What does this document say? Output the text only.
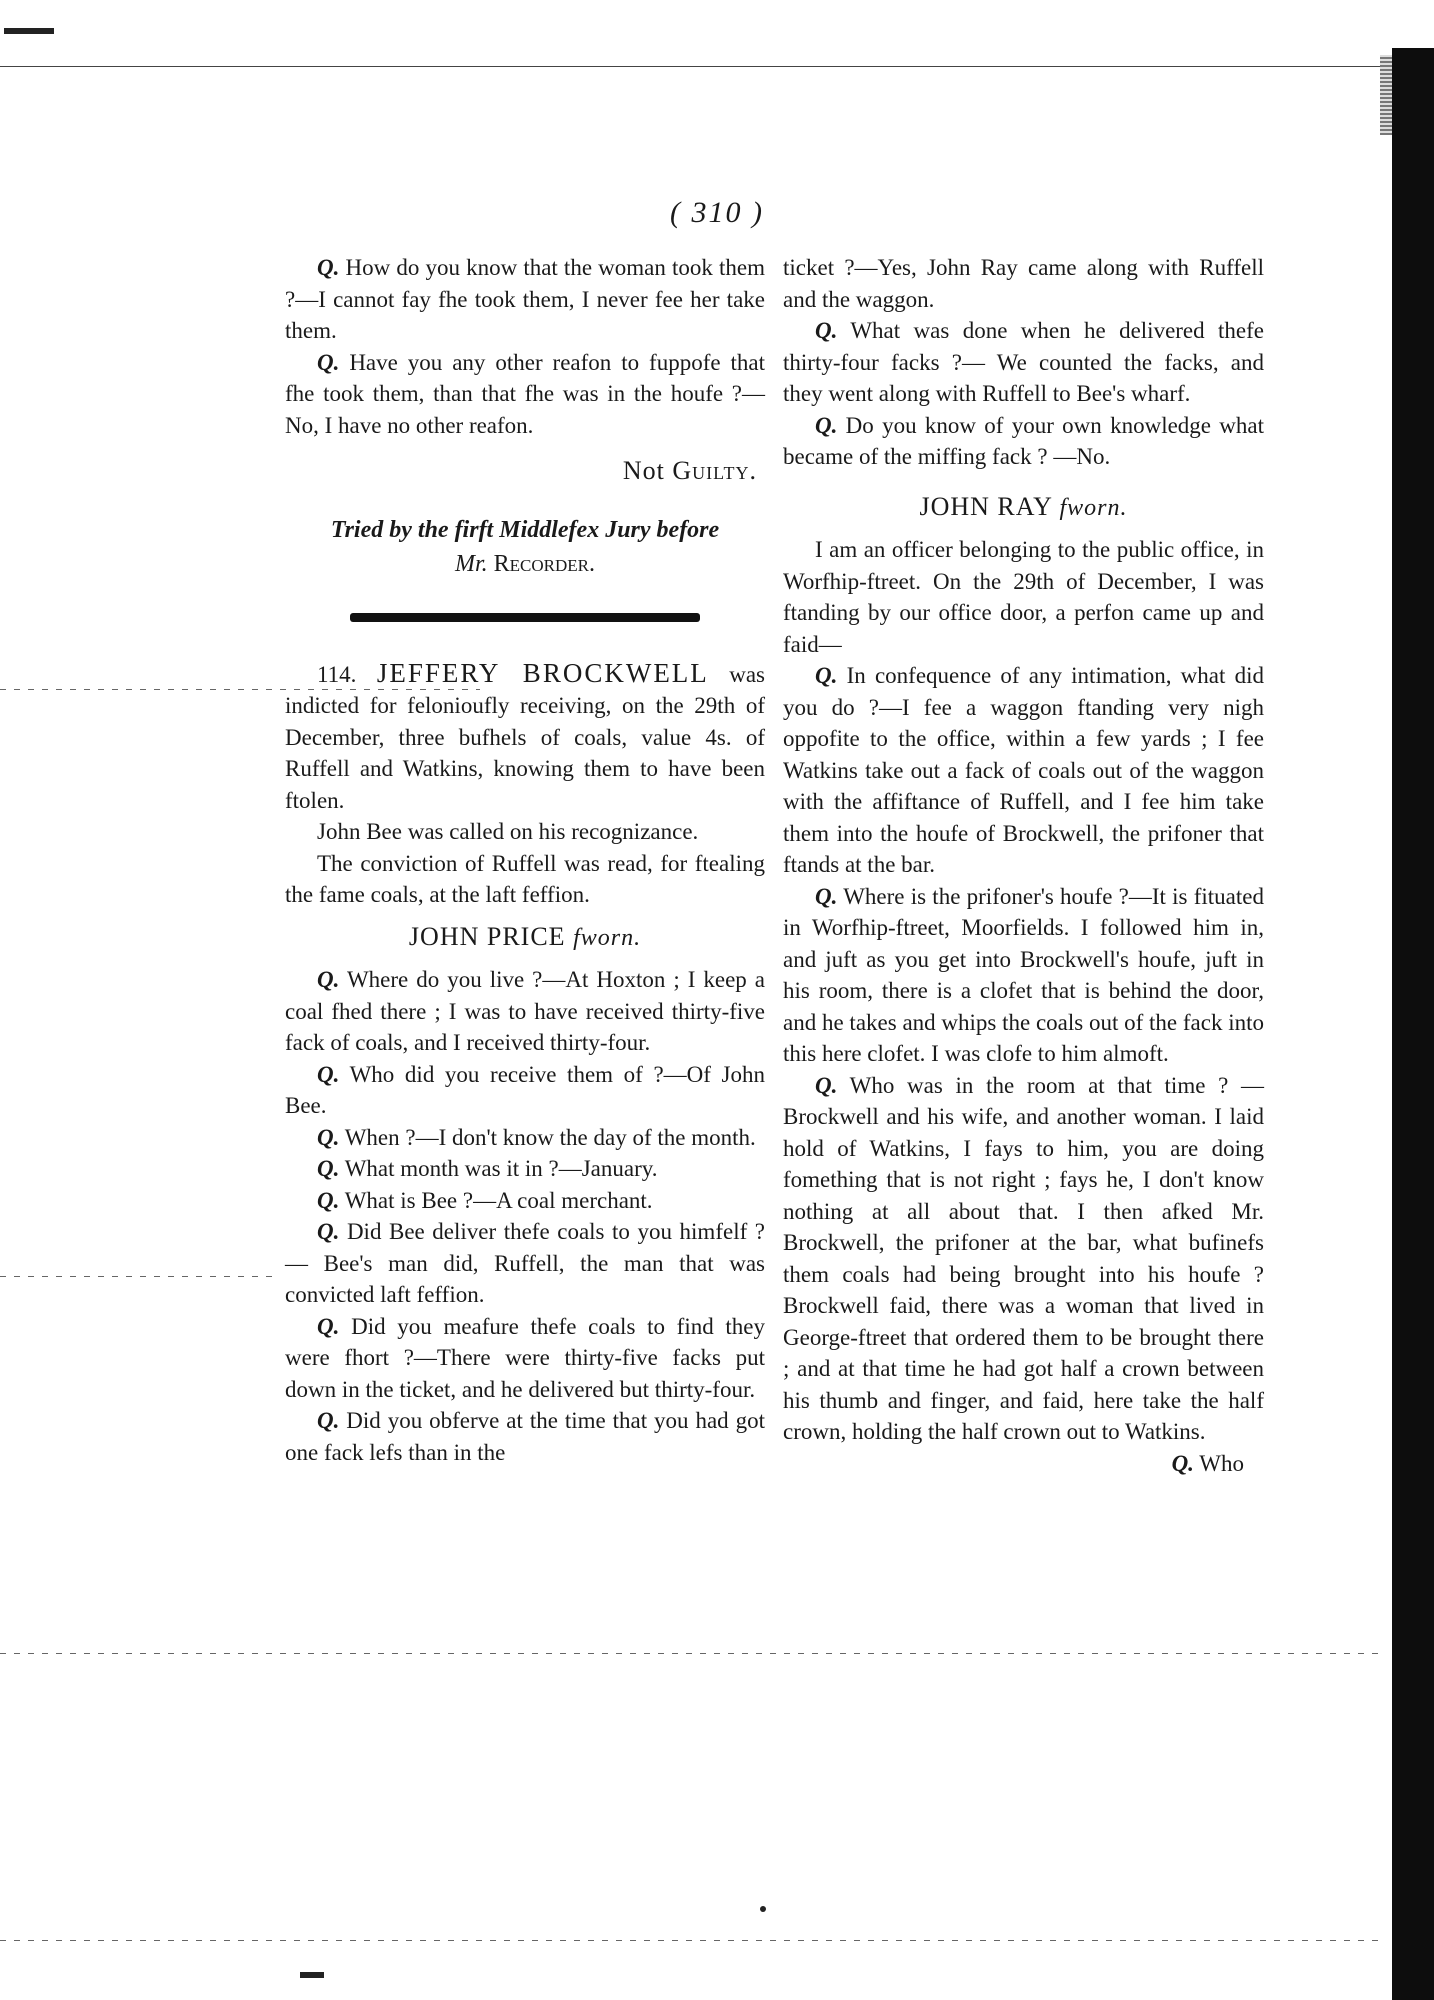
( 310 )

Q. How do you know that the woman took them ?—I cannot fay fhe took them, I never fee her take them.

Q. Have you any other reafon to fuppofe that fhe took them, than that fhe was in the houfe ?—No, I have no other reafon.

Not Guilty.
Tried by the firft Middlefex Jury before
Mr. Recorder.

114. JEFFERY BROCKWELL was indicted for felonioufly receiving, on the 29th of December, three bufhels of coals, value 4s. of Ruffell and Watkins, knowing them to have been ftolen.

John Bee was called on his recognizance.

The conviction of Ruffell was read, for ftealing the fame coals, at the laft feffion.

JOHN PRICE fworn.

Q. Where do you live ?—At Hoxton ; I keep a coal fhed there ; I was to have received thirty-five fack of coals, and I received thirty-four.

Q. Who did you receive them of ?—Of John Bee.

Q. When ?—I don't know the day of the month.

Q. What month was it in ?—January.

Q. What is Bee ?—A coal merchant.

Q. Did Bee deliver thefe coals to you himfelf ?— Bee's man did, Ruffell, the man that was convicted laft feffion.

Q. Did you meafure thefe coals to find they were fhort ?—There were thirty-five facks put down in the ticket, and he delivered but thirty-four.

Q. Did you obferve at the time that you had got one fack lefs than in the

ticket ?—Yes, John Ray came along with Ruffell and the waggon.

Q. What was done when he delivered thefe thirty-four facks ?— We counted the facks, and they went along with Ruffell to Bee's wharf.

Q. Do you know of your own knowledge what became of the miffing fack ? —No.

JOHN RAY fworn.

I am an officer belonging to the public office, in Worfhip-ftreet. On the 29th of December, I was ftanding by our office door, a perfon came up and faid—

Q. In confequence of any intimation, what did you do ?—I fee a waggon ftanding very nigh oppofite to the office, within a few yards ; I fee Watkins take out a fack of coals out of the waggon with the affiftance of Ruffell, and I fee him take them into the houfe of Brockwell, the prifoner that ftands at the bar.

Q. Where is the prifoner's houfe ?—It is fituated in Worfhip-ftreet, Moorfields. I followed him in, and juft as you get into Brockwell's houfe, juft in his room, there is a clofet that is behind the door, and he takes and whips the coals out of the fack into this here clofet. I was clofe to him almoft.

Q. Who was in the room at that time ? —Brockwell and his wife, and another woman. I laid hold of Watkins, I fays to him, you are doing fomething that is not right ; fays he, I don't know nothing at all about that. I then afked Mr. Brockwell, the prifoner at the bar, what bufinefs them coals had being brought into his houfe ? Brockwell faid, there was a woman that lived in George-ftreet that ordered them to be brought there ; and at that time he had got half a crown between his thumb and finger, and faid, here take the half crown, holding the half crown out to Watkins.

Q. Who
